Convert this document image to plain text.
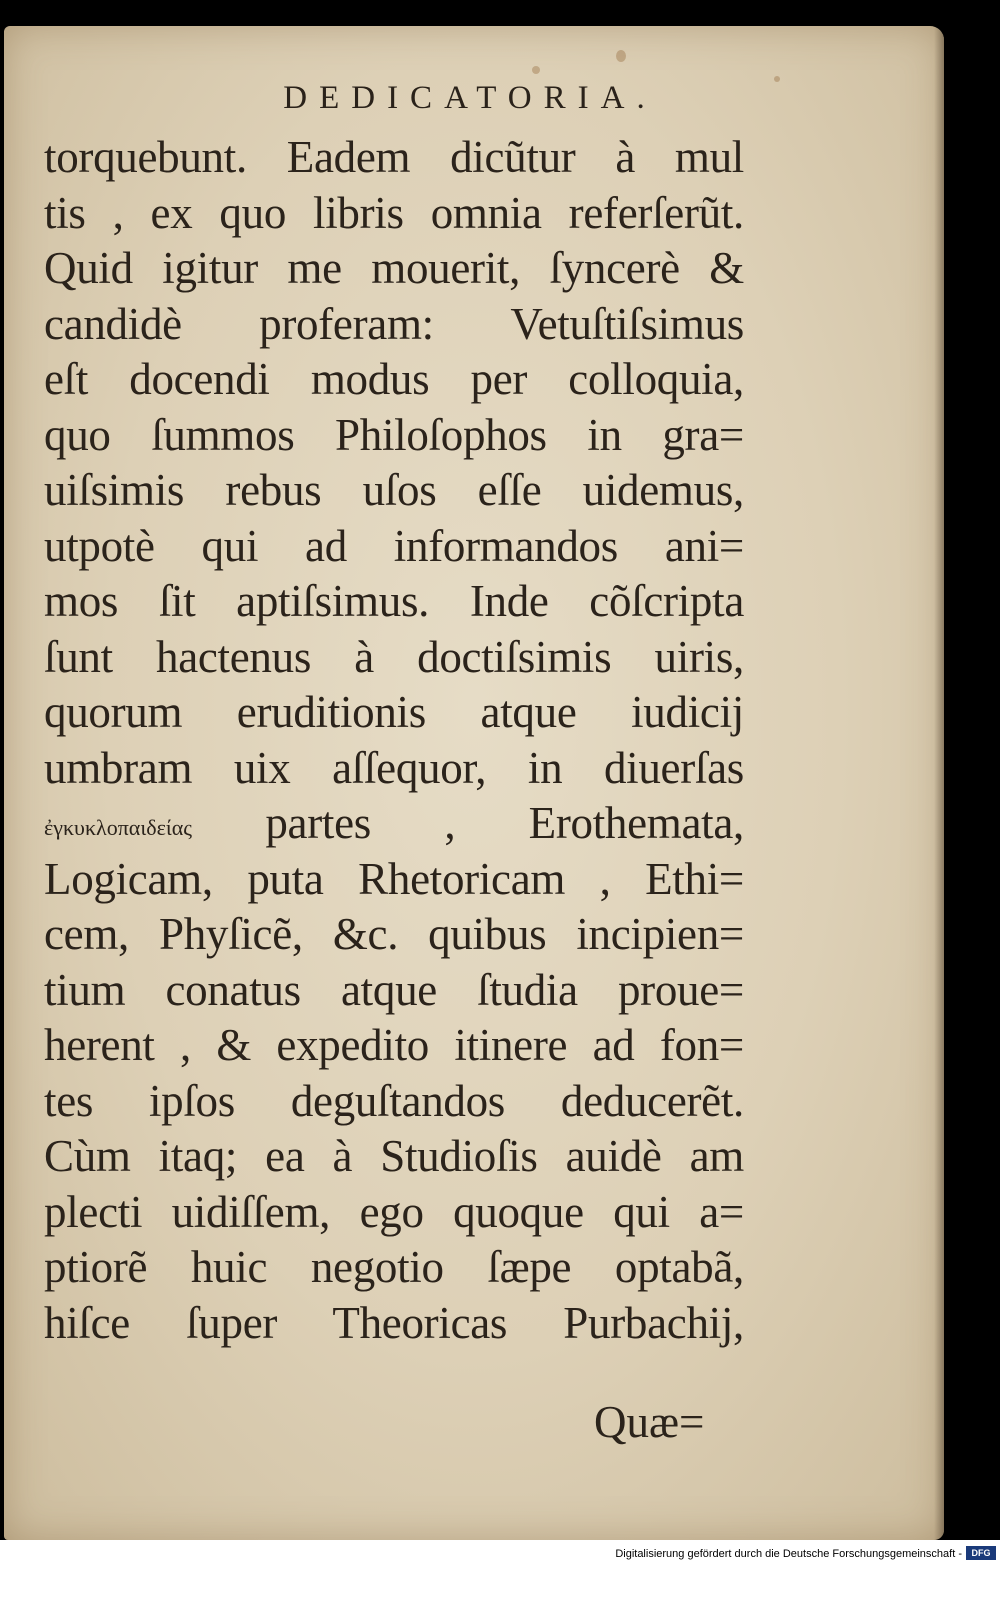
DEDICATORIA.
torquebunt. Eadem dicũtur à mul
tis , ex quo libris omnia referſerũt.
Quid igitur me mouerit, ſyncerè &
candidè proferam: Vetuſtiſsimus
eſt docendi modus per colloquia,
quo ſummos Philoſophos in gra=
uiſsimis rebus uſos eſſe uidemus,
utpotè qui ad informandos ani=
mos ſit aptiſsimus. Inde cõſcripta
ſunt hactenus à doctiſsimis uiris,
quorum eruditionis atque iudicij
umbram uix aſſequor, in diuerſas
ἐγκυκλοπαιδείας partes , Erothemata,
Logicam, puta Rhetoricam , Ethi=
cem, Phyſicẽ, &c. quibus incipien=
tium conatus atque ſtudia proue=
herent , & expedito itinere ad fon=
tes ipſos deguſtandos deducerẽt.
Cùm itaq; ea à Studioſis auidè am
plecti uidiſſem, ego quoque qui a=
ptiorẽ huic negotio ſæpe optabã,
hiſce ſuper Theoricas Purbachij,
Quæ=
Digitalisierung gefördert durch die Deutsche Forschungsgemeinschaft -	DFG
